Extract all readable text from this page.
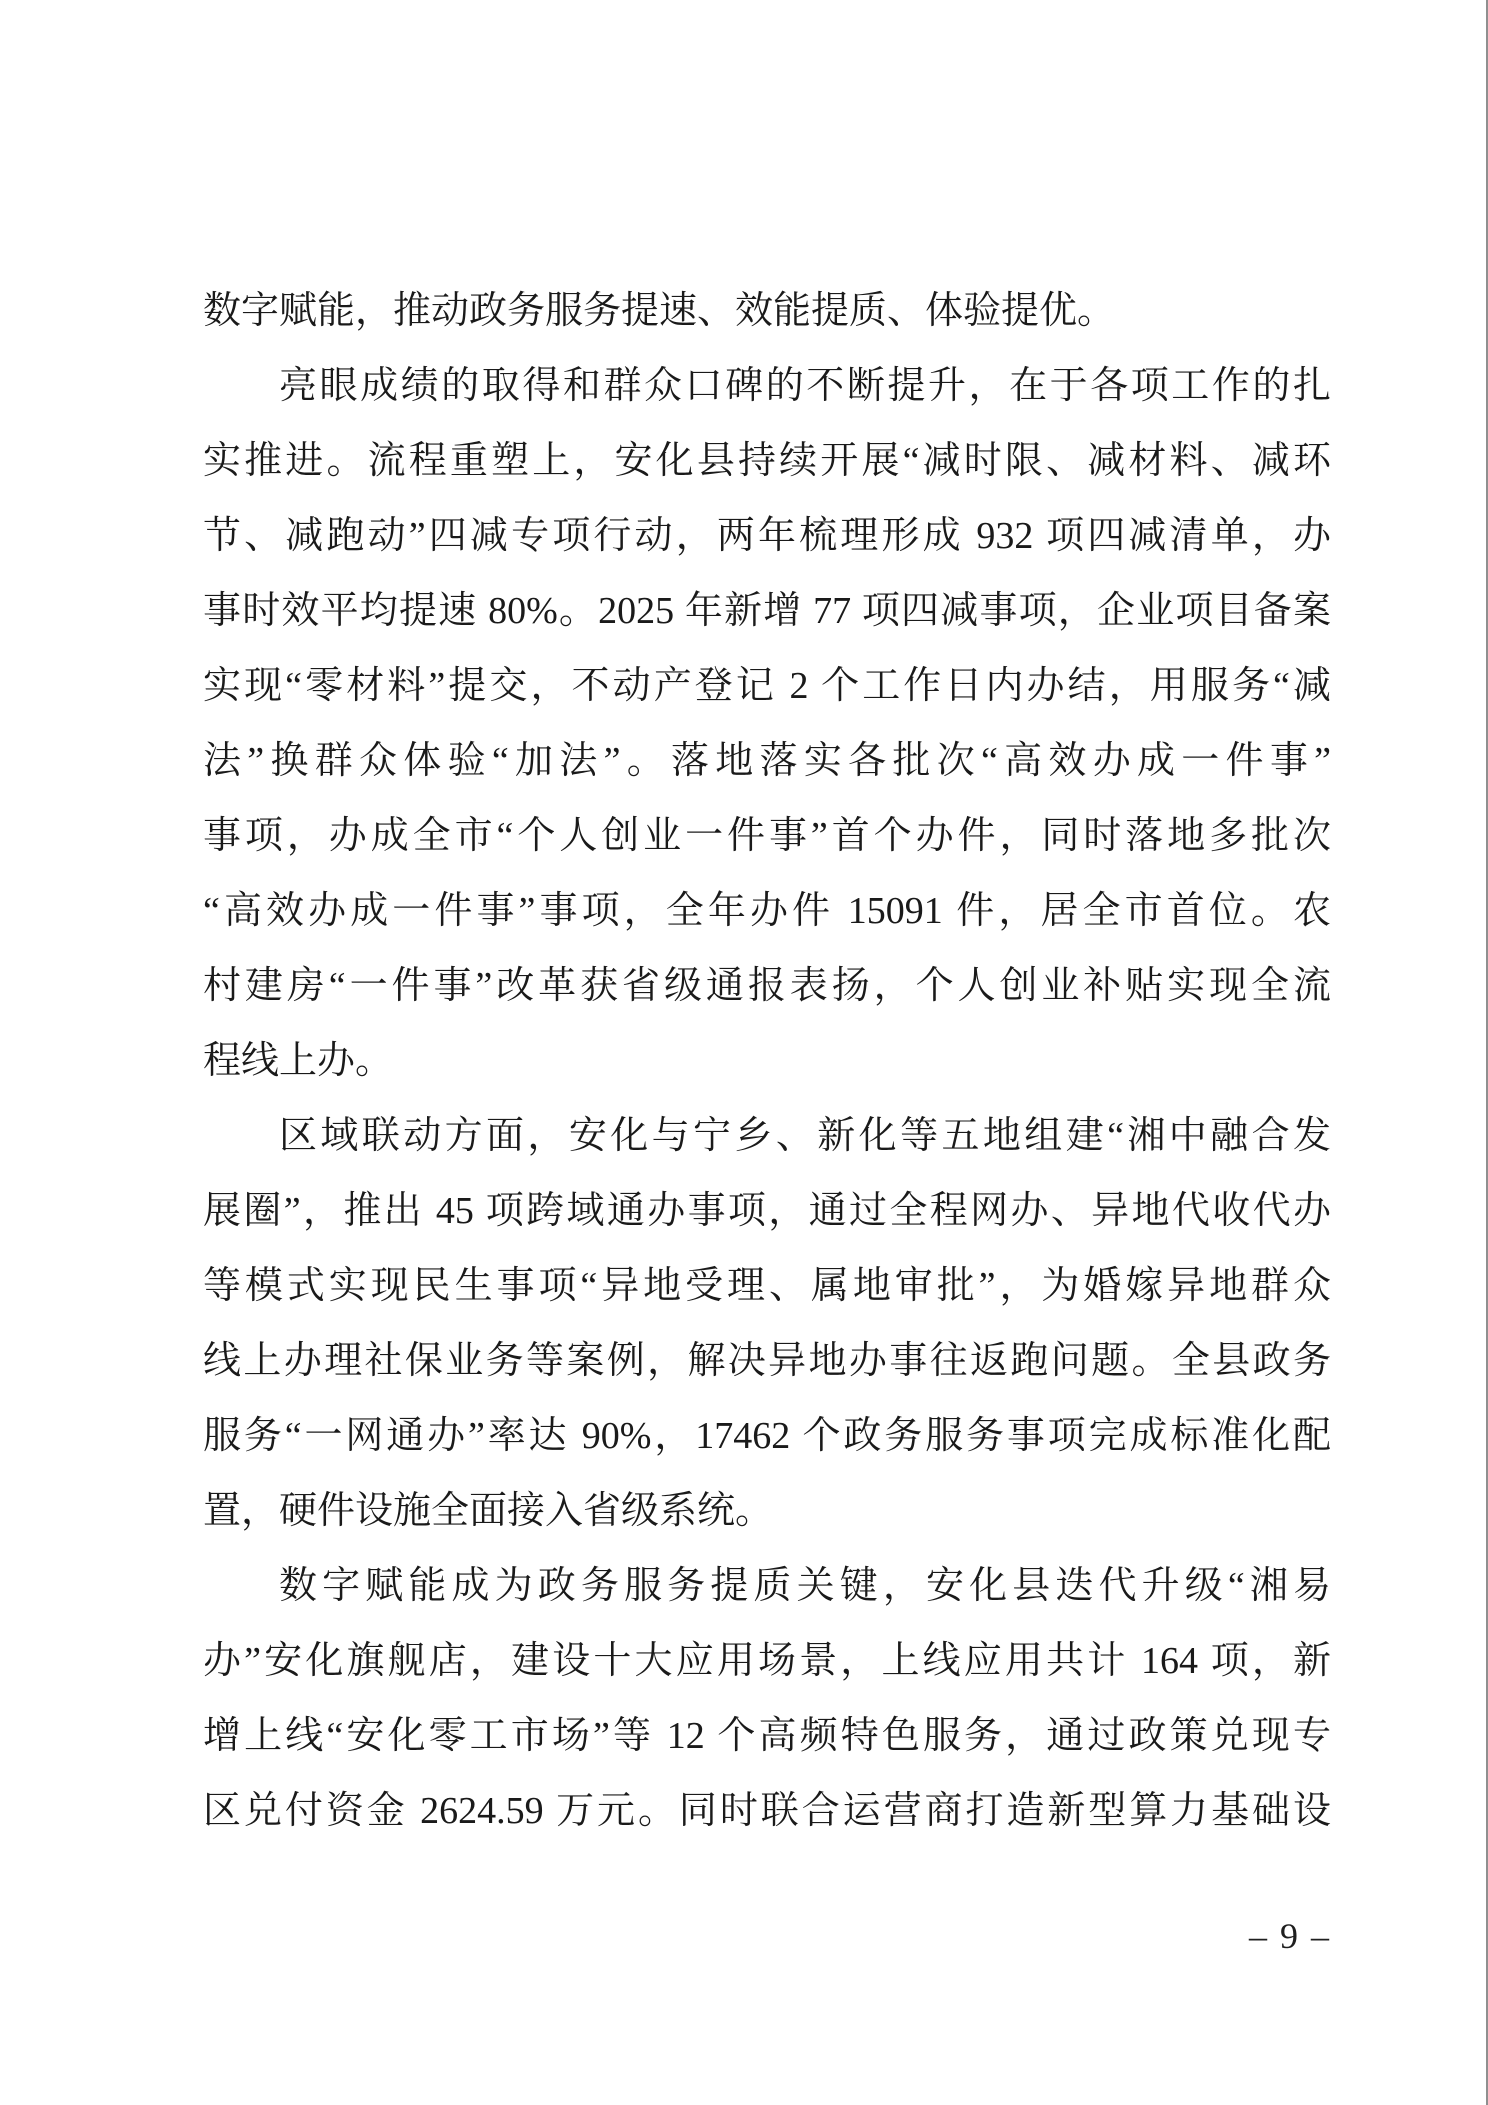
数字赋能，推动政务服务提速、效能提质、体验提优。
亮眼成绩的取得和群众口碑的不断提升，在于各项工作的扎
实推进。流程重塑上，安化县持续开展“减时限、减材料、减环
节、减跑动”四减专项行动，两年梳理形成 932 项四减清单，办
事时效平均提速 80%。2025 年新增 77 项四减事项，企业项目备案
实现“零材料”提交，不动产登记 2 个工作日内办结，用服务“减
法”换群众体验“加法”。落地落实各批次“高效办成一件事”
事项，办成全市“个人创业一件事”首个办件，同时落地多批次
“高效办成一件事”事项，全年办件 15091 件，居全市首位。农
村建房“一件事”改革获省级通报表扬，个人创业补贴实现全流
程线上办。
区域联动方面，安化与宁乡、新化等五地组建“湘中融合发
展圈”，推出 45 项跨域通办事项，通过全程网办、异地代收代办
等模式实现民生事项“异地受理、属地审批”，为婚嫁异地群众
线上办理社保业务等案例，解决异地办事往返跑问题。全县政务
服务“一网通办”率达 90%，17462 个政务服务事项完成标准化配
置，硬件设施全面接入省级系统。
数字赋能成为政务服务提质关键，安化县迭代升级“湘易
办”安化旗舰店，建设十大应用场景，上线应用共计 164 项，新
增上线“安化零工市场”等 12 个高频特色服务，通过政策兑现专
区兑付资金 2624.59 万元。同时联合运营商打造新型算力基础设
– 9 –
